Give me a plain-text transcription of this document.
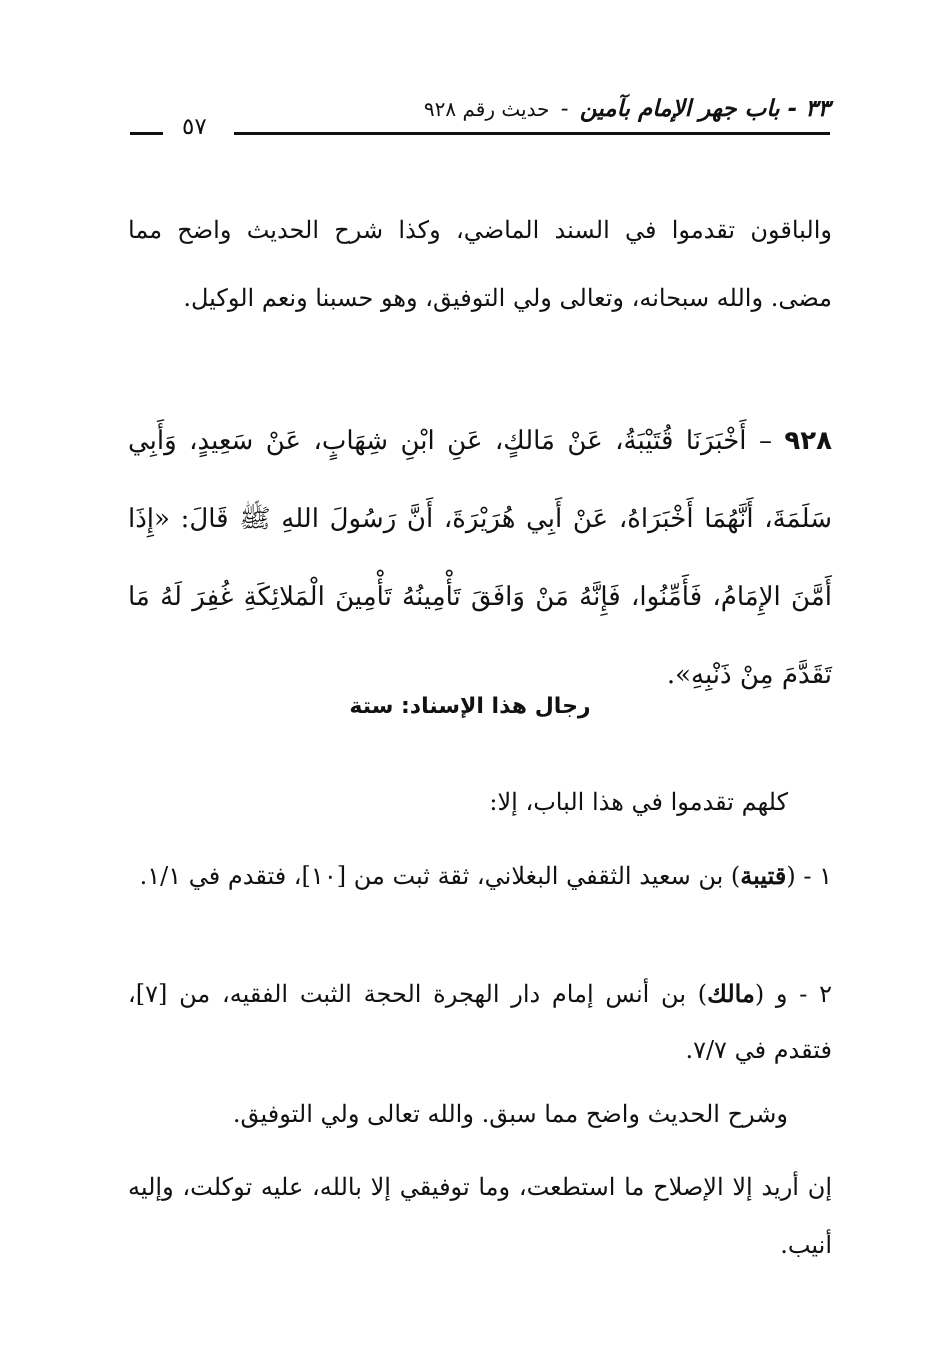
٣٣ - باب جهر الإمام بآمين - حديث رقم ٩٢٨
٥٧

والباقون تقدموا في السند الماضي، وكذا شرح الحديث واضح مما مضى. والله سبحانه، وتعالى ولي التوفيق، وهو حسبنا ونعم الوكيل.

٩٢٨ – أَخْبَرَنَا قُتَيْبَةُ، عَنْ مَالكٍ، عَنِ ابْنِ شِهَابٍ، عَنْ سَعِيدٍ، وَأَبِي سَلَمَةَ، أَنَّهُمَا أَخْبَرَاهُ، عَنْ أَبِي هُرَيْرَةَ، أَنَّ رَسُولَ اللهِ ﷺ قَالَ: «إِذَا أَمَّنَ الإِمَامُ، فَأَمِّنُوا، فَإِنَّهُ مَنْ وَافَقَ تَأْمِينُهُ تَأْمِينَ الْمَلائِكَةِ غُفِرَ لَهُ مَا تَقَدَّمَ مِنْ ذَنْبِهِ».

رجال هذا الإسناد: ستة

كلهم تقدموا في هذا الباب، إلا:

١ - (قتيبة) بن سعيد الثقفي البغلاني، ثقة ثبت من [١٠]، فتقدم في ١/١.

٢ - و (مالك) بن أنس إمام دار الهجرة الحجة الثبت الفقيه، من [٧]، فتقدم في ٧/٧.

وشرح الحديث واضح مما سبق. والله تعالى ولي التوفيق.

إن أريد إلا الإصلاح ما استطعت، وما توفيقي إلا بالله، عليه توكلت، وإليه أنيب.
